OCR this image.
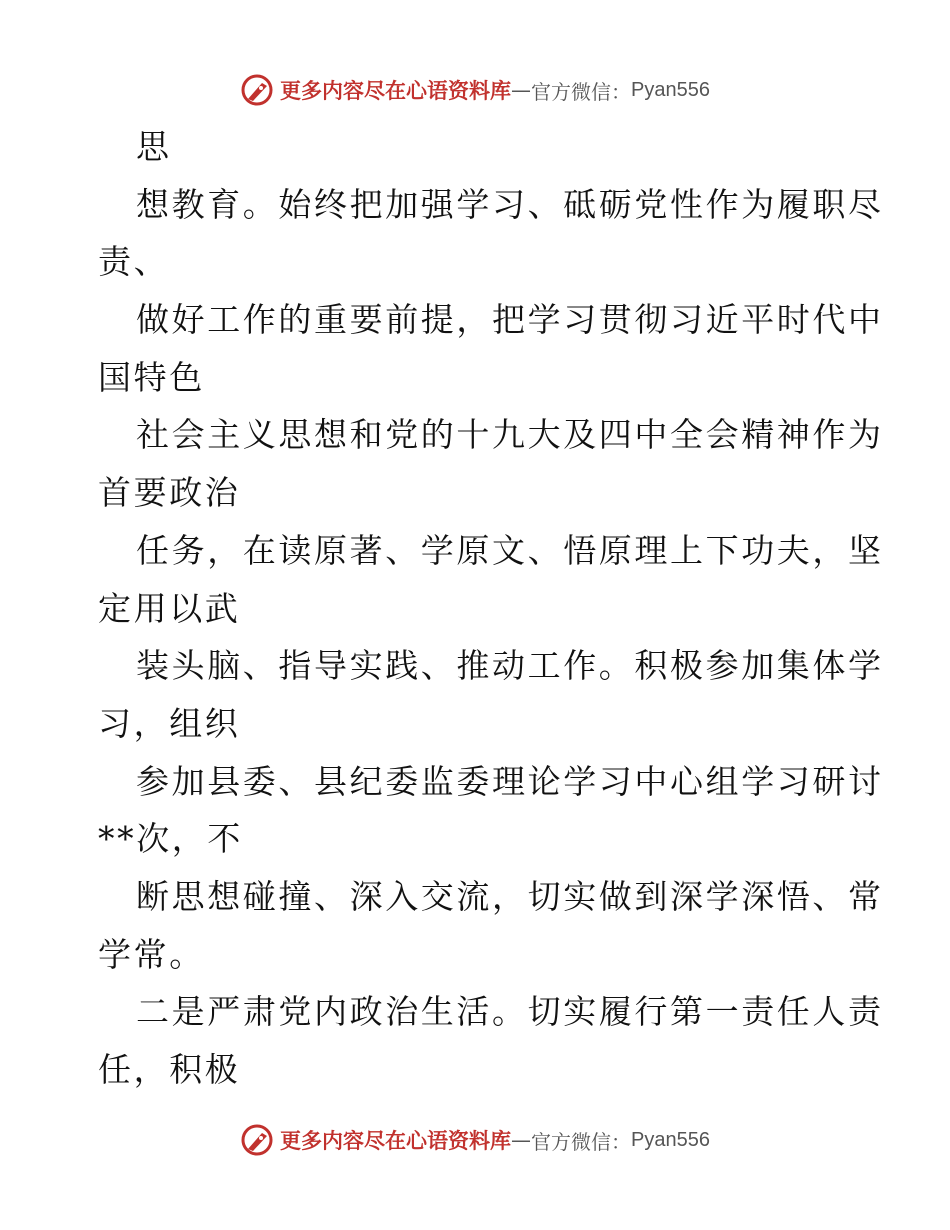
更多内容尽在心语资料库 — 官方微信： Pyan556
思
想教育。始终把加强学习、砥砺党性作为履职尽
责、
做好工作的重要前提，把学习贯彻习近平时代中
国特色
社会主义思想和党的十九大及四中全会精神作为
首要政治
任务，在读原著、学原文、悟原理上下功夫，坚
定用以武
装头脑、指导实践、推动工作。积极参加集体学
习，组织
参加县委、县纪委监委理论学习中心组学习研讨
**次，不
断思想碰撞、深入交流，切实做到深学深悟、常
学常。
二是严肃党内政治生活。切实履行第一责任人责
任，积极
更多内容尽在心语资料库 — 官方微信： Pyan556
